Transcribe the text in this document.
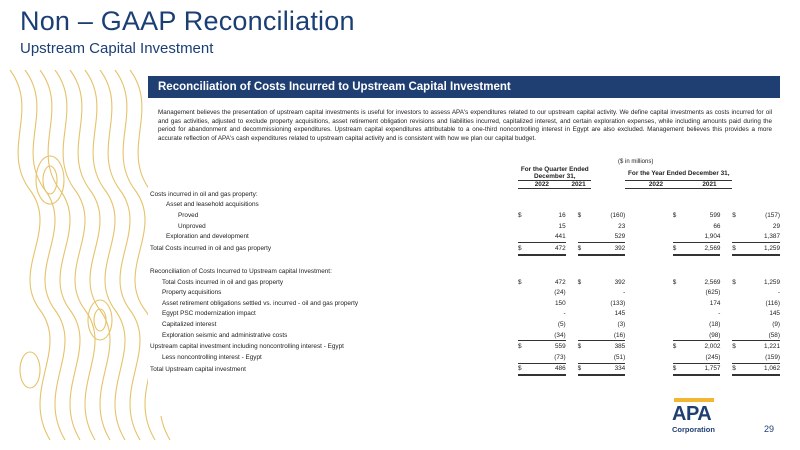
Non – GAAP Reconciliation
Upstream Capital Investment
Reconciliation of Costs Incurred to Upstream Capital Investment
Management believes the presentation of upstream capital investments is useful for investors to assess APA's expenditures related to our upstream capital activity. We define capital investments as costs incurred for oil and gas activities, adjusted to exclude property acquisitions, asset retirement obligation revisions and liabilities incurred, capitalized interest, and certain exploration expenses, while including amounts paid during the period for abandonment and decommissioning expenditures. Upstream capital expenditures attributable to a one-third noncontrolling interest in Egypt are also excluded. Management believes this provides a more accurate reflection of APA's cash expenditures related to upstream capital activity and is consistent with how we plan our capital budget.
($ in millions)
	For the Quarter Ended December 31,					For the Year Ended December 31,					
	2022		2021			2022		2021			
Costs incurred in oil and gas property:											
Asset and leasehold acquisitions											
Proved	$	16		$	(160)		$	599		$	(157)
Unproved		15			23			66			29
Exploration and development		441			529			1,904			1,387
Total Costs incurred in oil and gas property	$	472		$	392		$	2,569		$	1,259

Reconciliation of Costs Incurred to Upstream capital Investment:											
Total Costs incurred in oil and gas property	$	472		$	392		$	2,569		$	1,259
Property acquisitions		(24)			-			(625)			-
Asset retirement obligations settled vs. incurred - oil and gas property		150			(133)			174			(116)
Egypt PSC modernization impact		-			145			-			145
Capitalized interest		(5)			(3)			(18)			(9)
Exploration seismic and administrative costs		(34)			(16)			(98)			(58)
Upstream capital investment including noncontrolling interest - Egypt	$	559		$	385		$	2,002		$	1,221
Less noncontrolling interest - Egypt		(73)			(51)			(245)			(159)
Total Upstream capital investment	$	486		$	334		$	1,757		$	1,062
APA
Corporation	29
